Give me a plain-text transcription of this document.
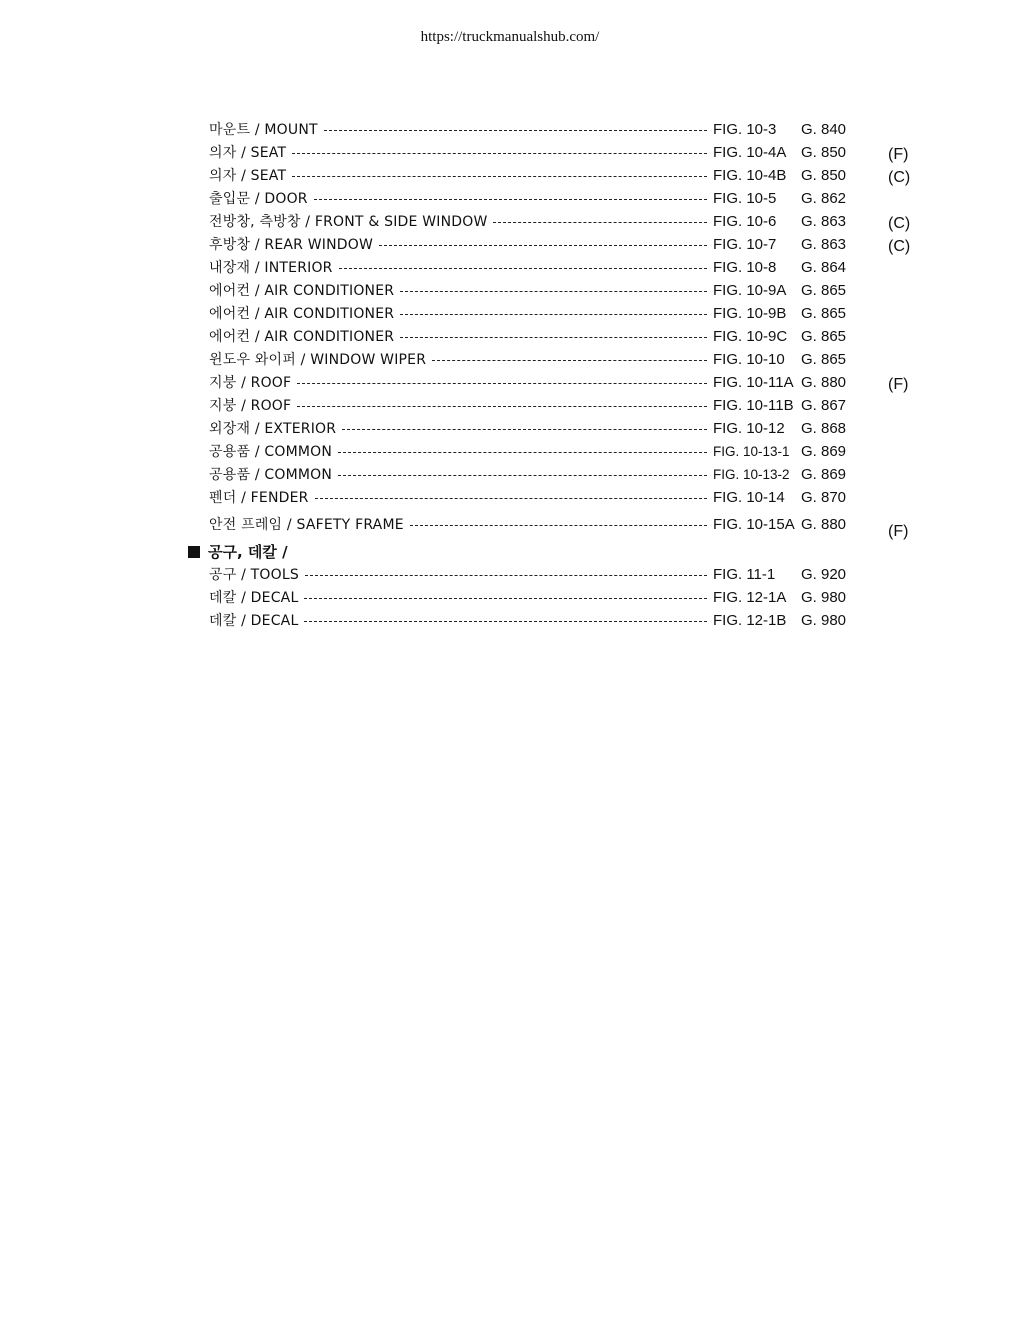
https://truckmanualshub.com/
마운트 / MOUNT	FIG. 10-3 G. 840
의자 / SEAT	FIG. 10-4A G. 850	(F)
의자 / SEAT	FIG. 10-4B G. 850	(C)
출입문 / DOOR	FIG. 10-5 G. 862
전방창, 측방창 / FRONT & SIDE WINDOW	FIG. 10-6 G. 863	(C)
후방창 / REAR WINDOW	FIG. 10-7 G. 863	(C)
내장재 / INTERIOR	FIG. 10-8 G. 864
에어컨 / AIR CONDITIONER	FIG. 10-9A G. 865
에어컨 / AIR CONDITIONER	FIG. 10-9B G. 865
에어컨 / AIR CONDITIONER	FIG. 10-9C G. 865
윈도우 와이퍼 / WINDOW WIPER	FIG. 10-10 G. 865
지붕 / ROOF	FIG. 10-11A G. 880	(F)
지붕 / ROOF	FIG. 10-11B G. 867
외장재 / EXTERIOR	FIG. 10-12 G. 868
공용품 / COMMON	FIG. 10-13-1 G. 869
공용품 / COMMON	FIG. 10-13-2 G. 869
펜더 / FENDER	FIG. 10-14 G. 870
안전 프레임 / SAFETY FRAME	FIG. 10-15A G. 880	(F)
공구, 데칼 /
공구 / TOOLS	FIG. 11-1 G. 920
데칼 / DECAL	FIG. 12-1A G. 980
데칼 / DECAL	FIG. 12-1B G. 980
